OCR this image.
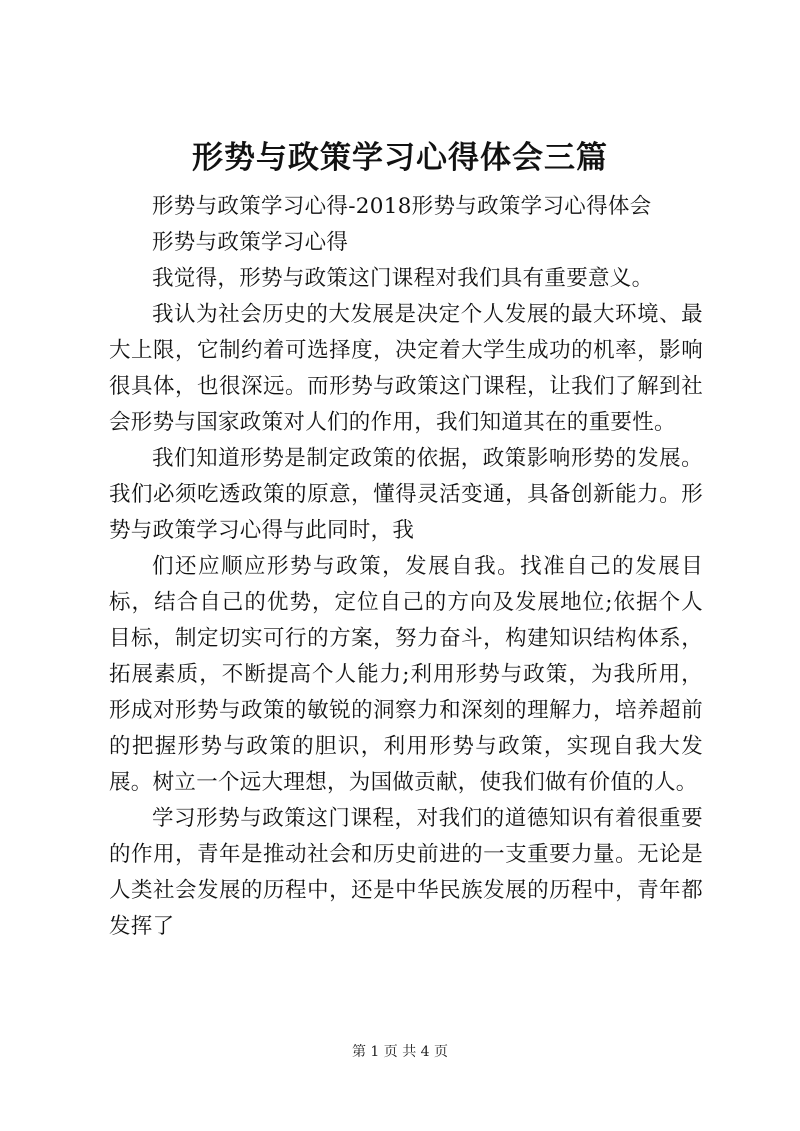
形势与政策学习心得体会三篇

形势与政策学习心得-2018形势与政策学习心得体会

形势与政策学习心得

我觉得，形势与政策这门课程对我们具有重要意义。

我认为社会历史的大发展是决定个人发展的最大环境、最大上限，它制约着可选择度，决定着大学生成功的机率，影响很具体，也很深远。而形势与政策这门课程，让我们了解到社会形势与国家政策对人们的作用，我们知道其在的重要性。

我们知道形势是制定政策的依据，政策影响形势的发展。我们必须吃透政策的原意，懂得灵活变通，具备创新能力。形势与政策学习心得与此同时，我

们还应顺应形势与政策，发展自我。找准自己的发展目标，结合自己的优势，定位自己的方向及发展地位;依据个人目标，制定切实可行的方案，努力奋斗，构建知识结构体系，拓展素质，不断提高个人能力;利用形势与政策，为我所用，形成对形势与政策的敏锐的洞察力和深刻的理解力，培养超前的把握形势与政策的胆识，利用形势与政策，实现自我大发展。树立一个远大理想，为国做贡献，使我们做有价值的人。

学习形势与政策这门课程，对我们的道德知识有着很重要的作用，青年是推动社会和历史前进的一支重要力量。无论是人类社会发展的历程中，还是中华民族发展的历程中，青年都发挥了

第 1 页 共 4 页
